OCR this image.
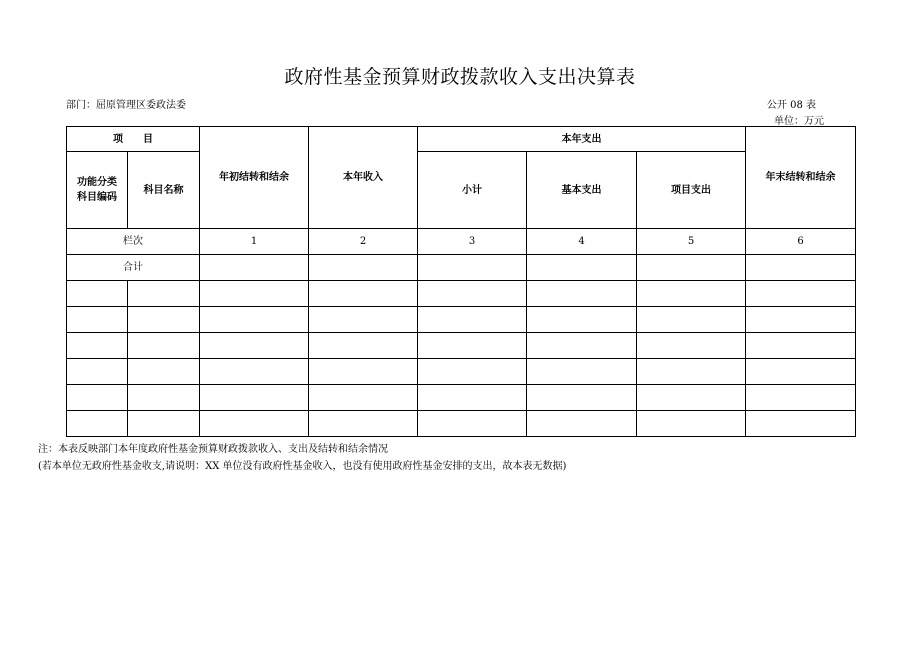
政府性基金预算财政拨款收入支出决算表
部门：屈原管理区委政法委	公开 08 表
单位：万元
项　　目		年初结转和结余	本年收入	本年支出			年末结转和结余
功能分类科目编码	科目名称			小计	基本支出	项目支出	
栏次		1	2	3	4	5	6
合计							

注：本表反映部门本年度政府性基金预算财政拨款收入、支出及结转和结余情况
(若本单位无政府性基金收支,请说明：XX 单位没有政府性基金收入，也没有使用政府性基金安排的支出，故本表无数据)
